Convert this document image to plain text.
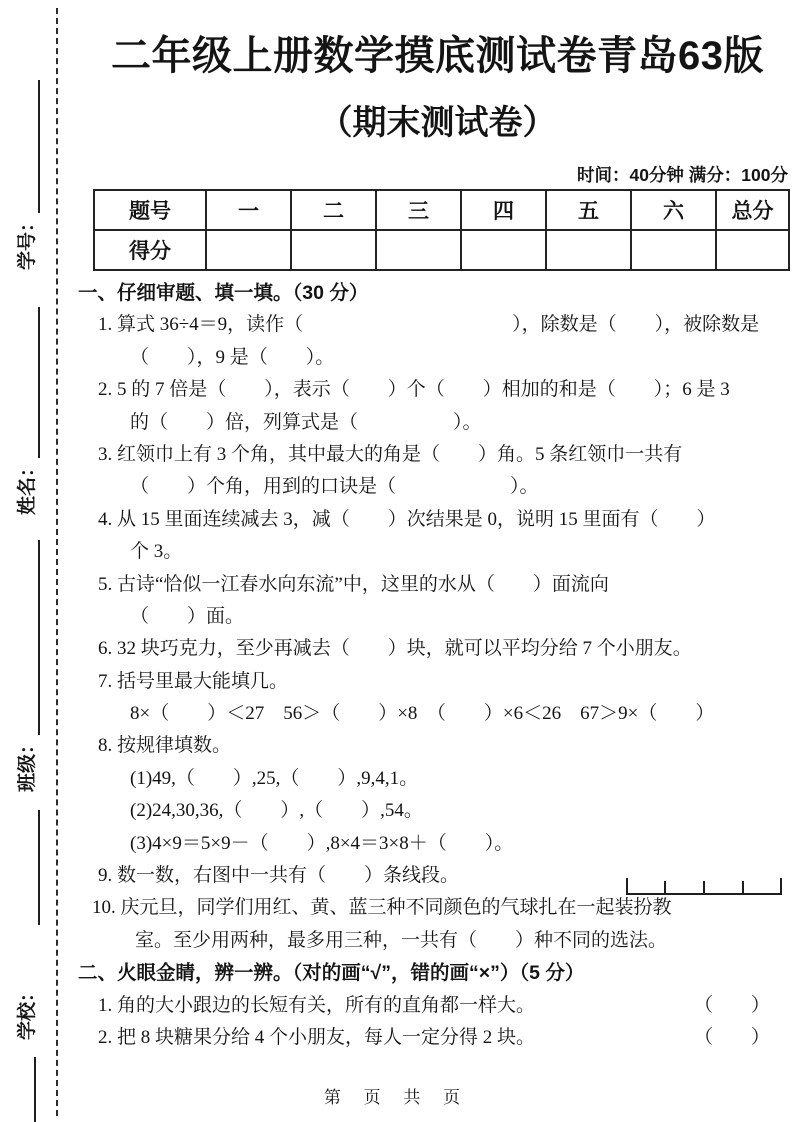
学号：
姓名：
班级：
学校：
二年级上册数学摸底测试卷青岛63版
（期末测试卷）
时间：40分钟 满分：100分
题号	一	二	三	四	五	六	总分
得分							
一、仔细审题、填一填。（30 分）
1. 算式 36÷4＝9，读作（　　　　　　　　　　　），除数是（　　），被除数是
（　　），9 是（　　）。
2. 5 的 7 倍是（　　），表示（　　）个（　　）相加的和是（　　）；6 是 3
的（　　）倍，列算式是（　　　　　）。
3. 红领巾上有 3 个角，其中最大的角是（　　）角。5 条红领巾一共有
（　　）个角，用到的口诀是（　　　　　　）。
4. 从 15 里面连续减去 3，减（　　）次结果是 0，说明 15 里面有（　　）
个 3。
5. 古诗“恰似一江春水向东流”中，这里的水从（　　）面流向
（　　）面。
6. 32 块巧克力，至少再减去（　　）块，就可以平均分给 7 个小朋友。
7. 括号里最大能填几。
8×（　　）＜27　56＞（　　）×8　（　　）×6＜26　67＞9×（　　）
8. 按规律填数。
(1)49,（　　）,25,（　　）,9,4,1。
(2)24,30,36,（　　）,（　　）,54。
(3)4×9＝5×9－（　　）,8×4＝3×8＋（　　）。
9. 数一数，右图中一共有（　　）条线段。
10. 庆元旦，同学们用红、黄、蓝三种不同颜色的气球扎在一起装扮教
室。至少用两种，最多用三种，一共有（　　）种不同的选法。
二、火眼金睛，辨一辨。（对的画“√”，错的画“×”）（5 分）
1. 角的大小跟边的长短有关，所有的直角都一样大。	（　　）
2. 把 8 块糖果分给 4 个小朋友，每人一定分得 2 块。	（　　）
第 页 共 页
